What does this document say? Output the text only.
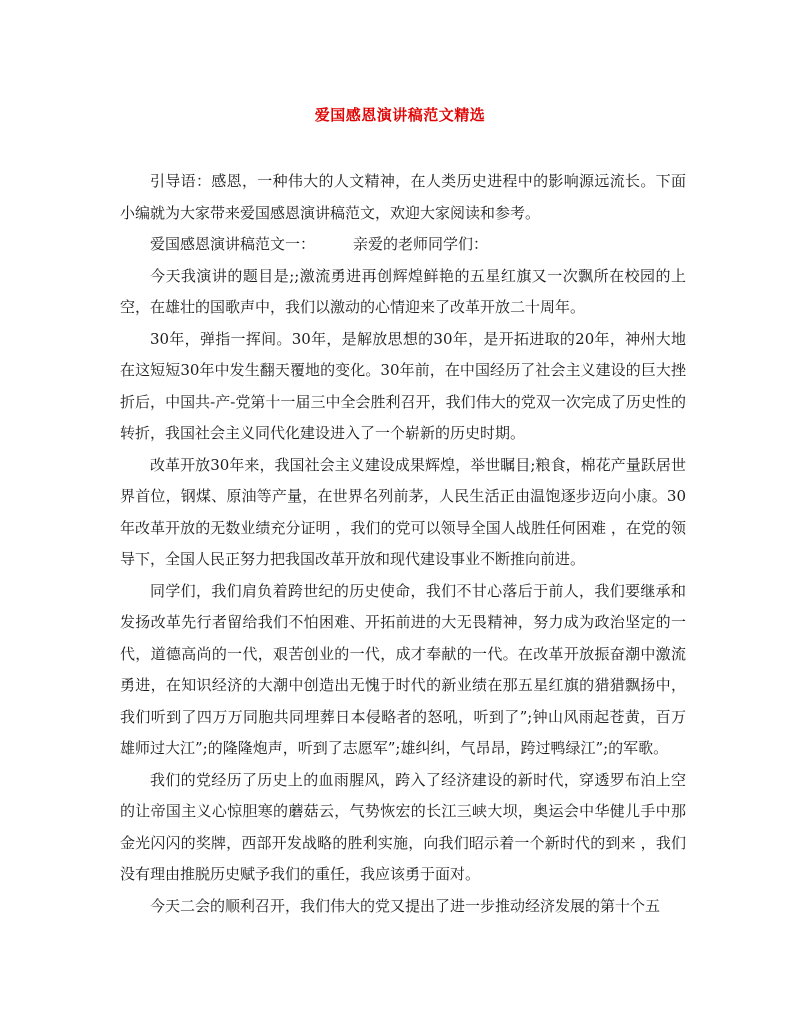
爱国感恩演讲稿范文精选

引导语：感恩，一种伟大的人文精神，在人类历史进程中的影响源远流长。下面小编就为大家带来爱国感恩演讲稿范文，欢迎大家阅读和参考。

爱国感恩演讲稿范文一：	亲爱的老师同学们：

今天我演讲的题目是;;激流勇进再创辉煌鲜艳的五星红旗又一次飘所在校园的上空，在雄壮的国歌声中，我们以激动的心情迎来了改革开放二十周年。

30年，弹指一挥间。30年，是解放思想的30年，是开拓进取的20年，神州大地在这短短30年中发生翻天覆地的变化。30年前，在中国经历了社会主义建设的巨大挫折后，中国共-产-党第十一届三中全会胜利召开，我们伟大的党双一次完成了历史性的转折，我国社会主义同代化建设进入了一个崭新的历史时期。

改革开放30年来，我国社会主义建设成果辉煌，举世瞩目;粮食，棉花产量跃居世界首位，钢煤、原油等产量，在世界名列前茅，人民生活正由温饱逐步迈向小康。30年改革开放的无数业绩充分证明 ，我们的党可以领导全国人战胜任何困难 ，在党的领导下，全国人民正努力把我国改革开放和现代建设事业不断推向前进。

同学们，我们肩负着跨世纪的历史使命，我们不甘心落后于前人，我们要继承和发扬改革先行者留给我们不怕困难、开拓前进的大无畏精神，努力成为政治坚定的一代，道德高尚的一代，艰苦创业的一代，成才奉献的一代。在改革开放振奋潮中激流勇进，在知识经济的大潮中创造出无愧于时代的新业绩在那五星红旗的猎猎飘扬中，我们听到了四万万同胞共同埋葬日本侵略者的怒吼，听到了”;钟山风雨起苍黄，百万雄师过大江”;的隆隆炮声，听到了志愿军”;雄纠纠，气昂昂，跨过鸭绿江”;的军歌。

我们的党经历了历史上的血雨腥风，跨入了经济建设的新时代，穿透罗布泊上空的让帝国主义心惊胆寒的蘑菇云，气势恢宏的长江三峡大坝，奥运会中华健儿手中那金光闪闪的奖牌，西部开发战略的胜利实施，向我们昭示着一个新时代的到来 ，我们没有理由推脱历史赋予我们的重任，我应该勇于面对。

今天二会的顺利召开，我们伟大的党又提出了进一步推动经济发展的第十个五
